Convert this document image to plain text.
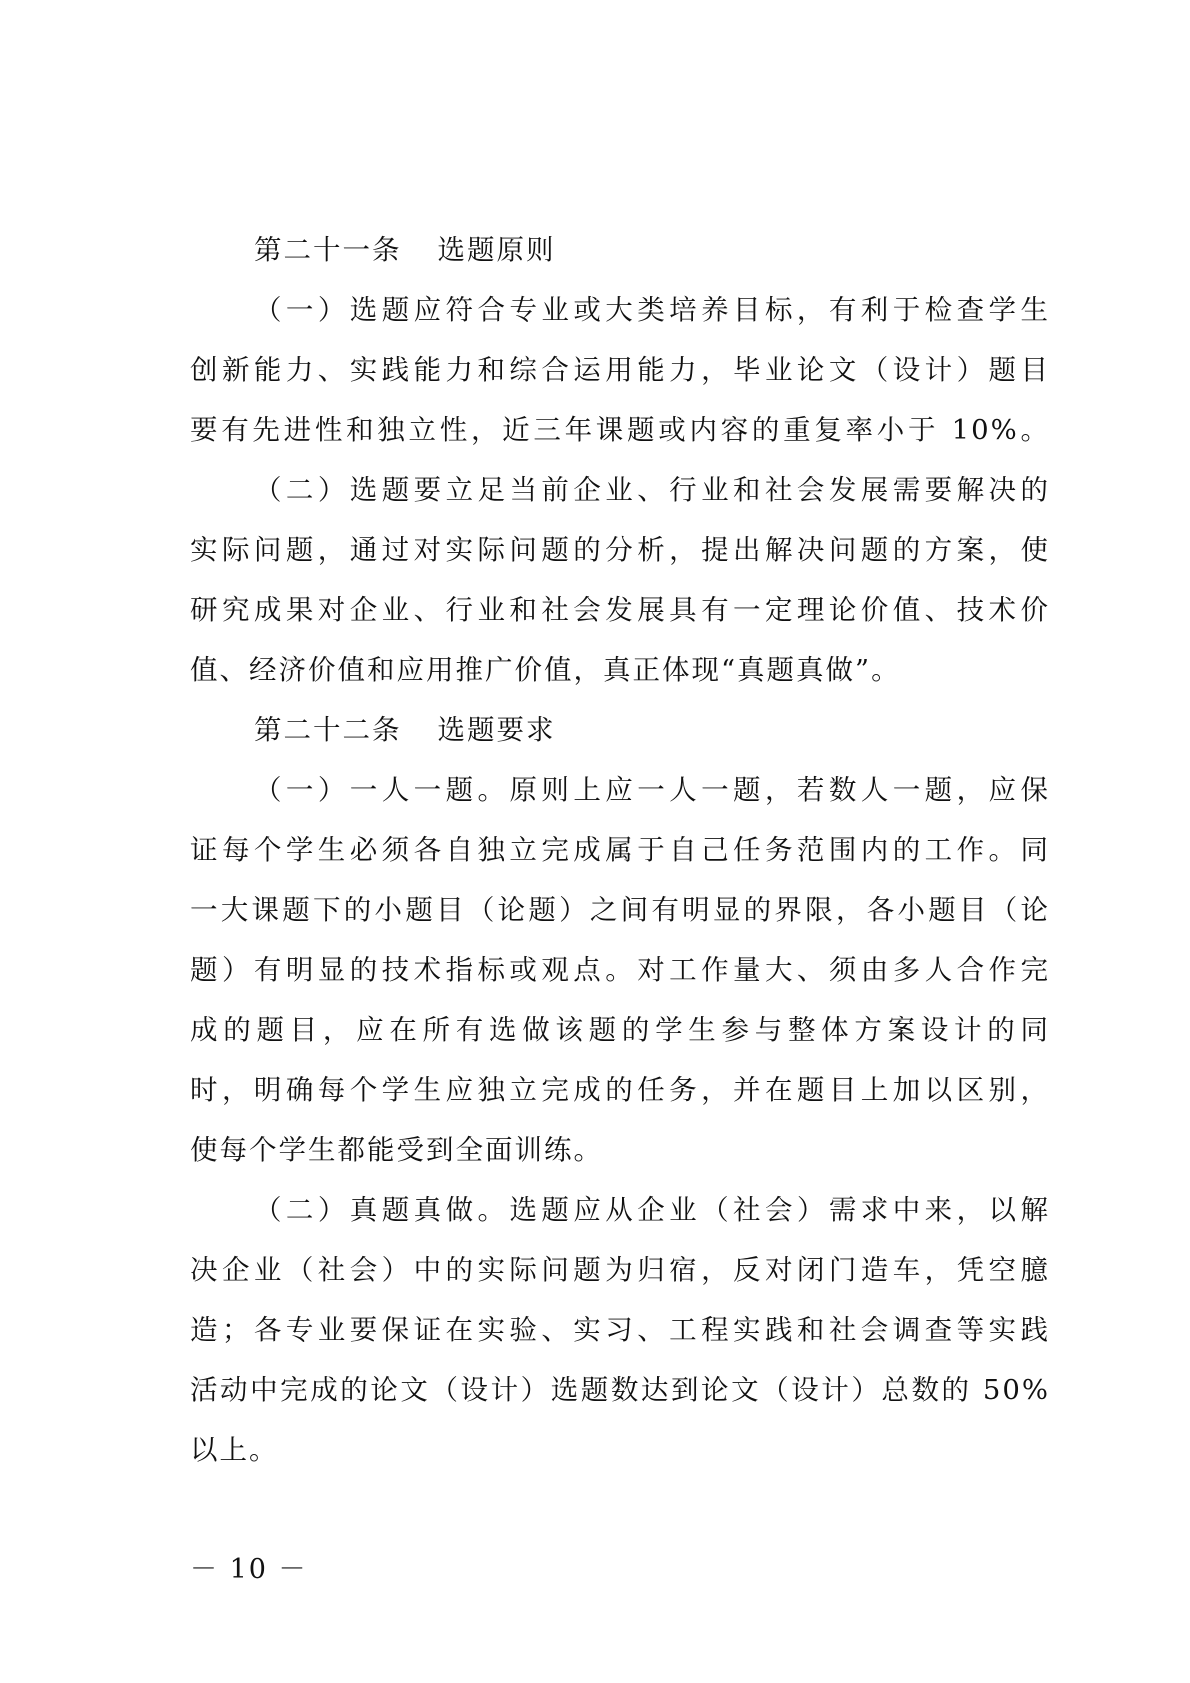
第二十一条 选题原则
（一）选题应符合专业或大类培养目标，有利于检查学生
创新能力、实践能力和综合运用能力，毕业论文（设计）题目
要有先进性和独立性，近三年课题或内容的重复率小于 10%。
（二）选题要立足当前企业、行业和社会发展需要解决的
实际问题，通过对实际问题的分析，提出解决问题的方案，使
研究成果对企业、行业和社会发展具有一定理论价值、技术价
值、经济价值和应用推广价值，真正体现“真题真做”。
第二十二条 选题要求
（一）一人一题。原则上应一人一题，若数人一题，应保
证每个学生必须各自独立完成属于自己任务范围内的工作。同
一大课题下的小题目（论题）之间有明显的界限，各小题目（论
题）有明显的技术指标或观点。对工作量大、须由多人合作完
成的题目，应在所有选做该题的学生参与整体方案设计的同
时，明确每个学生应独立完成的任务，并在题目上加以区别，
使每个学生都能受到全面训练。
（二）真题真做。选题应从企业（社会）需求中来，以解
决企业（社会）中的实际问题为归宿，反对闭门造车，凭空臆
造；各专业要保证在实验、实习、工程实践和社会调查等实践
活动中完成的论文（设计）选题数达到论文（设计）总数的 50%
以上。
－ 10 －
